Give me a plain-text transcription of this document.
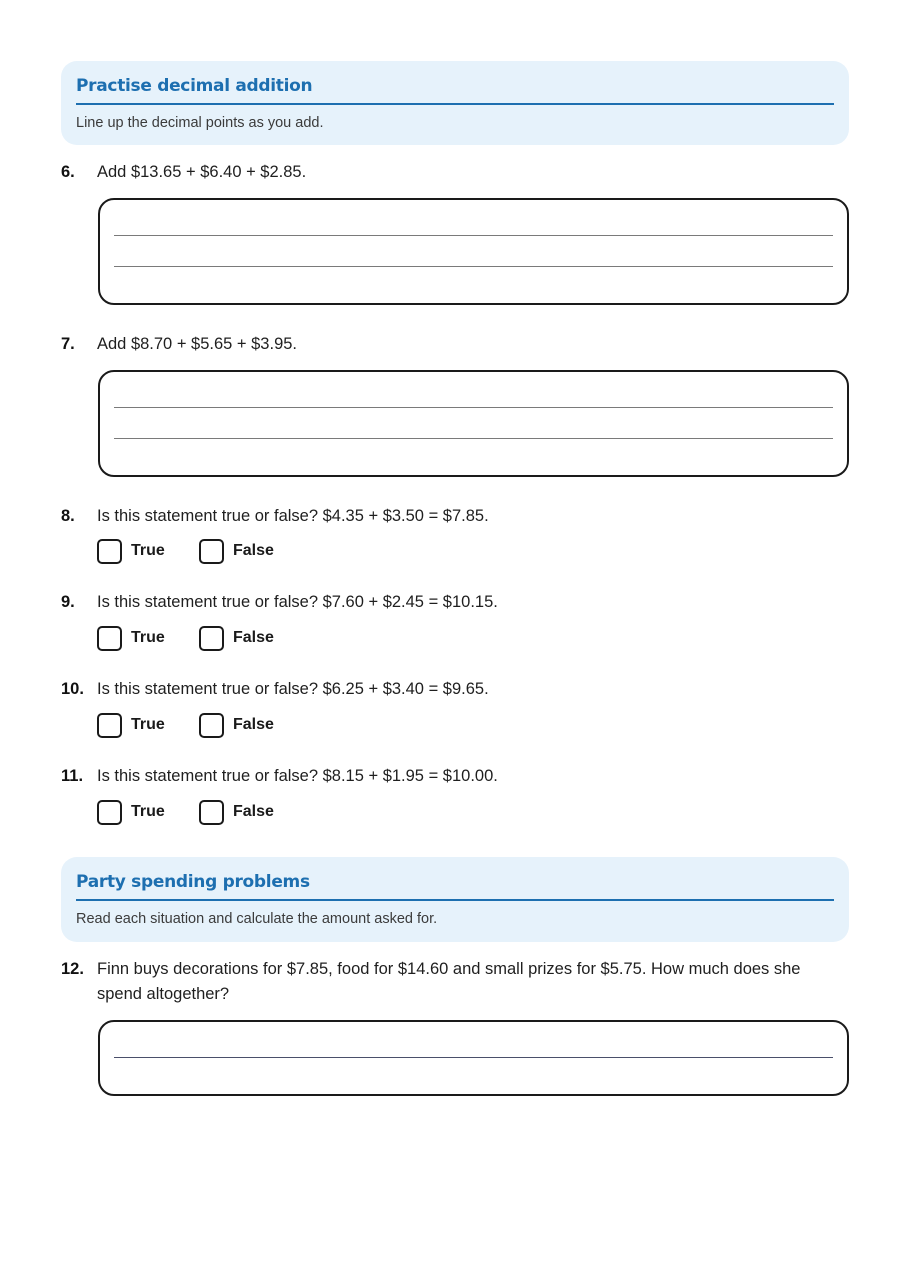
Practise decimal addition
Line up the decimal points as you add.
6. Add $13.65 + $6.40 + $2.85.
7. Add $8.70 + $5.65 + $3.95.
8. Is this statement true or false? $4.35 + $3.50 = $7.85.
True	False
9. Is this statement true or false? $7.60 + $2.45 = $10.15.
True	False
10. Is this statement true or false? $6.25 + $3.40 = $9.65.
True	False
11. Is this statement true or false? $8.15 + $1.95 = $10.00.
True	False
Party spending problems
Read each situation and calculate the amount asked for.
12. Finn buys decorations for $7.85, food for $14.60 and small prizes for $5.75. How much does she spend altogether?
